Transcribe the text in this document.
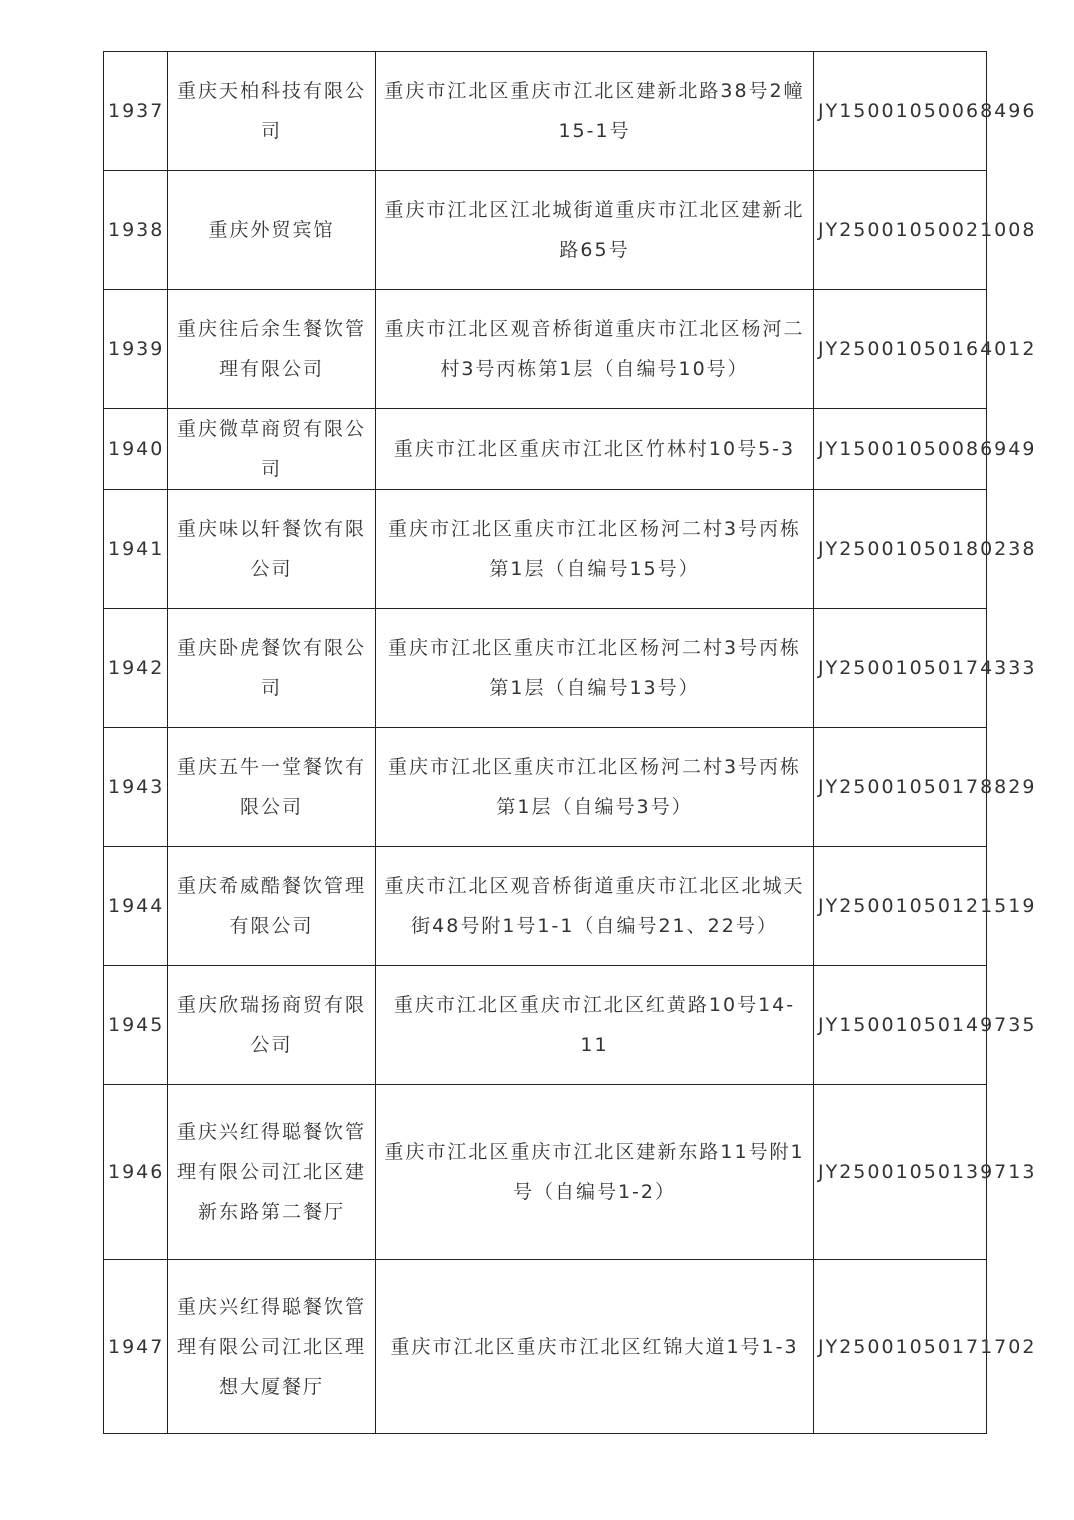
1937	重庆天柏科技有限公司	重庆市江北区重庆市江北区建新北路38号2幢15-1号	JY15001050068496
1938	重庆外贸宾馆	重庆市江北区江北城街道重庆市江北区建新北路65号	JY25001050021008
1939	重庆往后余生餐饮管理有限公司	重庆市江北区观音桥街道重庆市江北区杨河二村3号丙栋第1层（自编号10号）	JY25001050164012
1940	重庆微草商贸有限公司	重庆市江北区重庆市江北区竹林村10号5-3	JY15001050086949
1941	重庆味以轩餐饮有限公司	重庆市江北区重庆市江北区杨河二村3号丙栋第1层（自编号15号）	JY25001050180238
1942	重庆卧虎餐饮有限公司	重庆市江北区重庆市江北区杨河二村3号丙栋第1层（自编号13号）	JY25001050174333
1943	重庆五牛一堂餐饮有限公司	重庆市江北区重庆市江北区杨河二村3号丙栋第1层（自编号3号）	JY25001050178829
1944	重庆希威酷餐饮管理有限公司	重庆市江北区观音桥街道重庆市江北区北城天街48号附1号1-1（自编号21、22号）	JY25001050121519
1945	重庆欣瑞扬商贸有限公司	重庆市江北区重庆市江北区红黄路10号14-11	JY15001050149735
1946	重庆兴红得聪餐饮管理有限公司江北区建新东路第二餐厅	重庆市江北区重庆市江北区建新东路11号附1号（自编号1-2）	JY25001050139713
1947	重庆兴红得聪餐饮管理有限公司江北区理想大厦餐厅	重庆市江北区重庆市江北区红锦大道1号1-3	JY25001050171702
